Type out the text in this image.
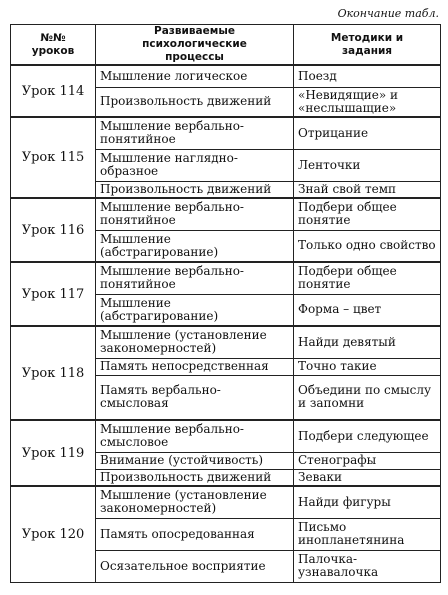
Окончание табл.
№№ уроков	Развиваемые психологические процессы	Методики и задания
Урок 114	Мышление логическое	Поезд
	Произвольность движений	«Невидящие» и «неслышащие»
Урок 115	Мышление вербально-понятийное	Отрицание
	Мышление наглядно-образное	Ленточки
	Произвольность движений	Знай свой темп
Урок 116	Мышление вербально-понятийное	Подбери общее понятие
	Мышление (абстрагирование)	Только одно свойство
Урок 117	Мышление вербально-понятийное	Подбери общее понятие
	Мышление (абстрагирование)	Форма – цвет
Урок 118	Мышление (установление закономерностей)	Найди девятый
	Память непосредственная	Точно такие
	Память вербально-смысловая	Объедини по смыслу и запомни
Урок 119	Мышление вербально-смысловое	Подбери следующее
	Внимание (устойчивость)	Стенографы
	Произвольность движений	Зеваки
Урок 120	Мышление (установление закономерностей)	Найди фигуры
	Память опосредованная	Письмо инопланетянина
	Осязательное восприятие	Палочка-узнавалочка
